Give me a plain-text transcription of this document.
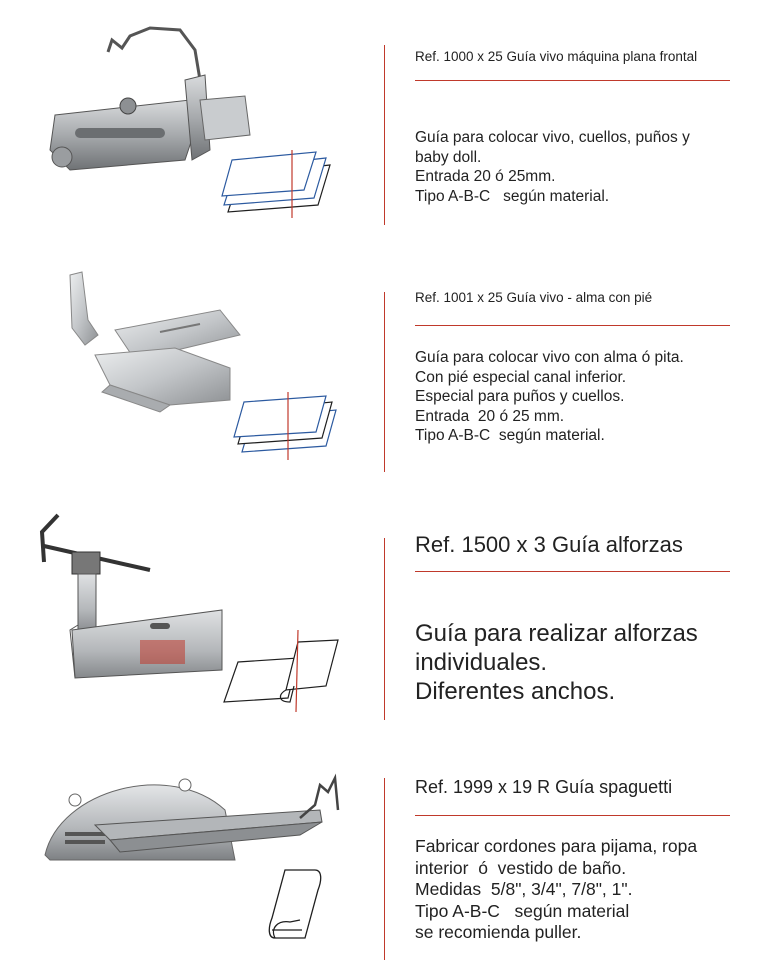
Ref. 1000 x 25 Guía vivo máquina plana frontal
Guía para colocar vivo, cuellos, puños y
baby doll.
Entrada 20 ó 25mm.
Tipo A-B-C   según material.
Ref. 1001 x 25 Guía vivo - alma con pié
Guía para colocar vivo con alma ó pita.
Con pié especial canal inferior.
Especial para puños y cuellos.
Entrada  20 ó 25 mm.
Tipo A-B-C  según material.
Ref. 1500 x 3 Guía alforzas
Guía para realizar alforzas
individuales.
Diferentes anchos.
Ref. 1999 x 19 R Guía spaguetti
Fabricar cordones para pijama, ropa
interior  ó  vestido de baño.
Medidas  5/8", 3/4", 7/8", 1".
Tipo A-B-C   según material
se recomienda puller.
